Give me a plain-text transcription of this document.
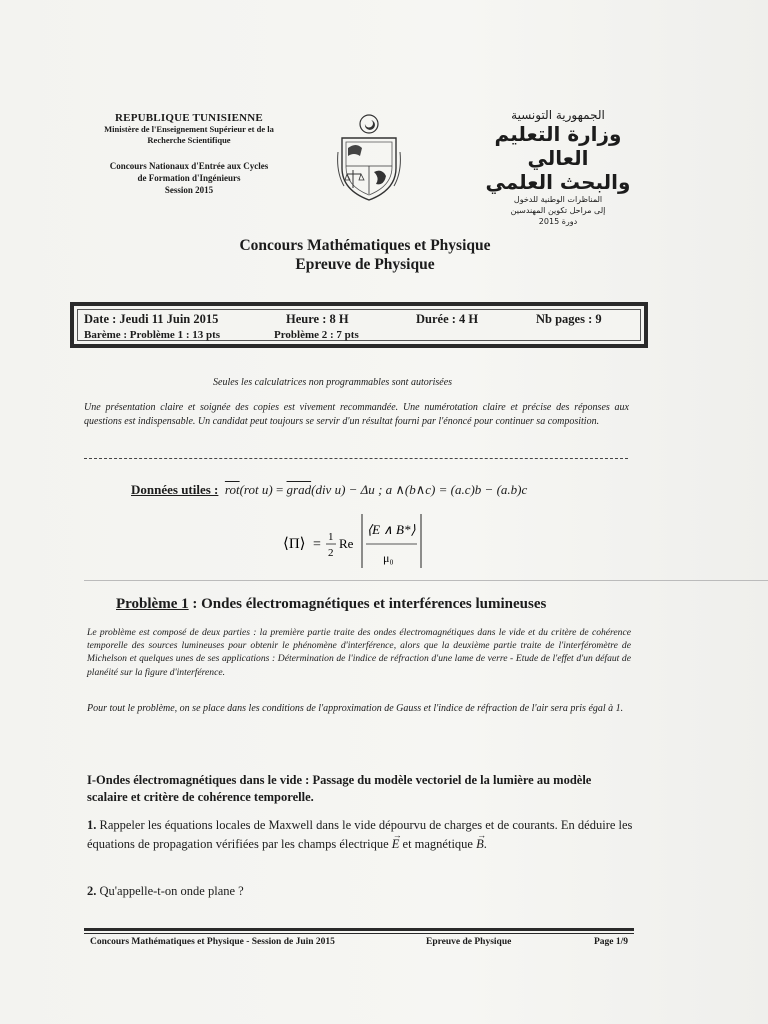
REPUBLIQUE TUNISIENNE
Ministère de l'Enseignement Supérieur et de la
Recherche Scientifique
Concours Nationaux d'Entrée aux Cycles
de Formation d'Ingénieurs
Session 2015
الجمهورية التونسية
وزارة التعليم العالي
والبحث العلمي
المناظرات الوطنية للدخول
إلى مراحل تكوين المهندسين
دورة 2015
Concours Mathématiques et Physique
Epreuve de Physique
Date : Jeudi 11 Juin 2015	Heure : 8 H	Durée : 4 H	Nb pages : 9
Barème : Problème 1 : 13 pts	Problème 2 : 7 pts
Seules les calculatrices non programmables sont autorisées
Une présentation claire et soignée des copies est vivement recommandée. Une numérotation claire et précise des réponses aux questions est indispensable. Un candidat peut toujours se servir d'un résultat fourni par l'énoncé pour continuer sa composition.
Données utiles : $\overline{rot}(rot$ u) = grad(div u) − Δu ; a ∧(b∧c) = (a.c)b − (a.b)c
⟨Π⟩ = 1
2
Re
⟨E ∧ B*⟩
μ₀
Problème 1 : Ondes électromagnétiques et interférences lumineuses
Le problème est composé de deux parties : la première partie traite des ondes électromagnétiques dans le vide et du critère de cohérence temporelle des sources lumineuses pour obtenir le phénomène d'interférence, alors que la deuxième partie traite de l'interféromètre de Michelson et quelques unes de ses applications : Détermination de l'indice de réfraction d'une lame de verre - Etude de l'effet d'un défaut de planéité sur la figure d'interférence.
Pour tout le problème, on se place dans les conditions de l'approximation de Gauss et l'indice de réfraction de l'air sera pris égal à 1.
I-Ondes électromagnétiques dans le vide : Passage du modèle vectoriel de la lumière au modèle scalaire et critère de cohérence temporelle.
1. Rappeler les équations locales de Maxwell dans le vide dépourvu de charges et de courants. En déduire les équations de propagation vérifiées par les champs électrique → E et magnétique → B.
2. Qu'appelle-t-on onde plane ?
Concours Mathématiques et Physique - Session de Juin 2015	Epreuve de Physique	Page 1/9
